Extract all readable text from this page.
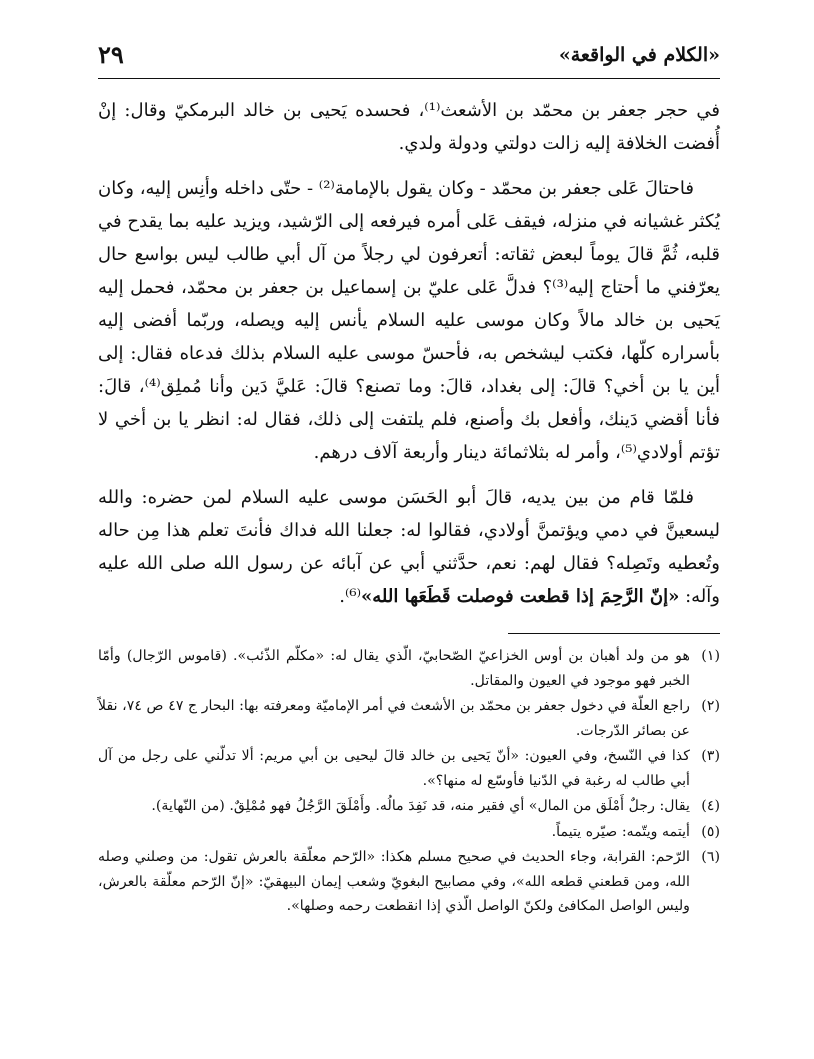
«الكلام في الواقعة»
٢٩

في حجر جعفر بن محمّد بن الأشعث⁽¹⁾، فحسده يَحيى بن خالد البرمكيّ وقال: إنْ أُفضت الخلافة إليه زالت دولتي ودولة ولدي.

فاحتالَ عَلى جعفر بن محمّد - وكان يقول بالإمامة⁽²⁾ - حتّى داخله وأنِس إليه، وكان يُكثر غشيانه في منزله، فيقف عَلى أمره فيرفعه إلى الرّشيد، ويزيد عليه بما يقدح في قلبه، ثُمَّ قالَ يوماً لبعض ثقاته: أتعرفون لي رجلاً من آل أبي طالب ليس بواسع حال يعرّفني ما أحتاج إليه⁽³⁾؟ فدلَّ عَلى عليّ بن إسماعيل بن جعفر بن محمّد، فحمل إليه يَحيى بن خالد مالاً وكان موسى عليه السلام يأنس إليه ويصله، وربّما أفضى إليه بأسراره كلّها، فكتب ليشخص به، فأحسّ موسى عليه السلام بذلك فدعاه فقال: إلى أين يا بن أخي؟ قالَ: إلى بغداد، قالَ: وما تصنع؟ قالَ: عَليَّ دَين وأنا مُملِق⁽⁴⁾، قالَ: فأنا أقضي دَينك، وأفعل بك وأصنع، فلم يلتفت إلى ذلك، فقال له: انظر يا بن أخي لا تؤتم أولادي⁽⁵⁾، وأمر له بثلاثمائة دينار وأربعة آلاف درهم.

فلمّا قام من بين يديه، قالَ أبو الحَسَن موسى عليه السلام لمن حضره: والله ليسعينَّ في دمي ويؤتمنَّ أولادي، فقالوا له: جعلنا الله فداك فأنتَ تعلم هذا مِن حاله وتُعطيه وتَصِله؟ فقال لهم: نعم، حدَّثني أبي عن آبائه عن رسول الله صلى الله عليه وآله: «إنّ الرَّحِمَ إذا قطعت فوصلت قَطَعَها الله»⁽⁶⁾.

(١)
هو من ولد أهبان بن أوس الخزاعيّ الصّحابيّ، الّذي يقال له: «مكلّم الذّئب». (قاموس الرّجال) وأمّا الخبر فهو موجود في العيون والمقاتل.
(٢)
راجع العلّة في دخول جعفر بن محمّد بن الأشعث في أمر الإماميّة ومعرفته بها: البحار ج ٤٧ ص ٧٤، نقلاً عن بصائر الدّرجات.
(٣)
كذا في النّسخ، وفي العيون: «أنّ يَحيى بن خالد قالَ ليحيى بن أبي مريم: ألا تدلّني على رجل من آل أبي طالب له رغبة في الدّنيا فأوسّع له منها؟».
(٤)
يقال: رجلٌ أَمْلَق من المال» أي فقير منه، قد نَفِدَ مالُه. وأَمْلَقَ الرَّجُلُ فهو مُمْلِقٌ. (من النّهاية).
(٥)
أيتمه ويتّمه: صيّره يتيماً.
(٦)
الرّحم: القرابة، وجاء الحديث في صحيح مسلم هكذا: «الرّحم معلّقة بالعرش تقول: من وصلني وصله الله، ومن قطعني قطعه الله»، وفي مصابيح البغويّ وشعب إيمان البيهقيّ: «إنّ الرّحم معلّقة بالعرش، وليس الواصل المكافئ ولكنّ الواصل الّذي إذا انقطعت رحمه وصلها».
